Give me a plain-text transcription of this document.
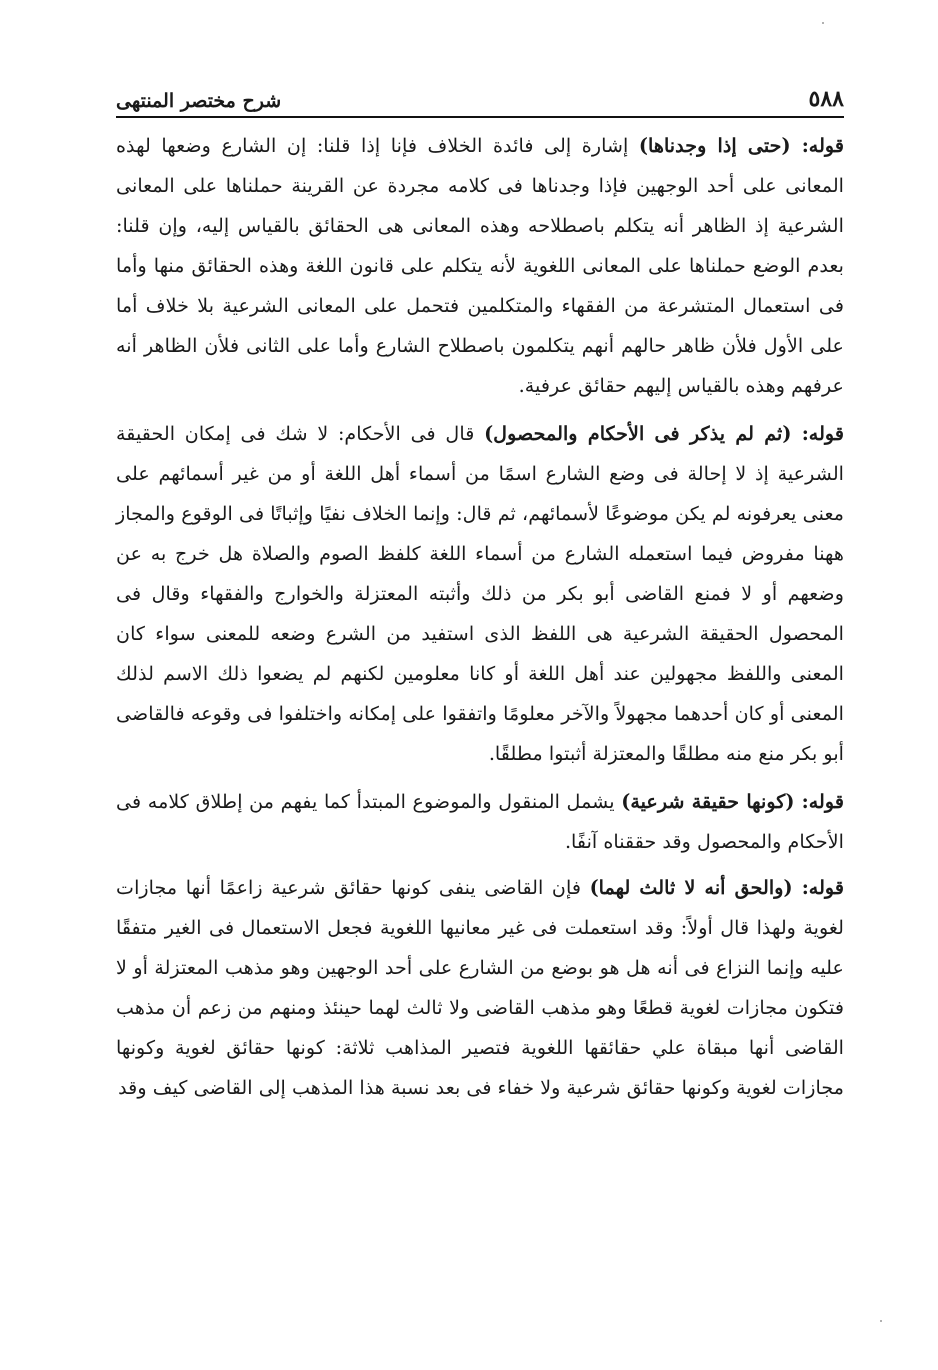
٥٨٨
شرح مختصر المنتهى

قوله: (حتى إذا وجدناها) إشارة إلى فائدة الخلاف فإنا إذا قلنا: إن الشارع وضعها لهذه المعانى على أحد الوجهين فإذا وجدناها فى كلامه مجردة عن القرينة حملناها على المعانى الشرعية إذ الظاهر أنه يتكلم باصطلاحه وهذه المعانى هى الحقائق بالقياس إليه، وإن قلنا: بعدم الوضع حملناها على المعانى اللغوية لأنه يتكلم على قانون اللغة وهذه الحقائق منها وأما فى استعمال المتشرعة من الفقهاء والمتكلمين فتحمل على المعانى الشرعية بلا خلاف أما على الأول فلأن ظاهر حالهم أنهم يتكلمون باصطلاح الشارع وأما على الثانى فلأن الظاهر أنه عرفهم وهذه بالقياس إليهم حقائق عرفية.

قوله: (ثم لم يذكر فى الأحكام والمحصول) قال فى الأحكام: لا شك فى إمكان الحقيقة الشرعية إذ لا إحالة فى وضع الشارع اسمًا من أسماء أهل اللغة أو من غير أسمائهم على معنى يعرفونه لم يكن موضوعًا لأسمائهم، ثم قال: وإنما الخلاف نفيًا وإثباتًا فى الوقوع والمجاز ههنا مفروض فيما استعمله الشارع من أسماء اللغة كلفظ الصوم والصلاة هل خرج به عن وضعهم أو لا فمنع القاضى أبو بكر من ذلك وأثبته المعتزلة والخوارج والفقهاء وقال فى المحصول الحقيقة الشرعية هى اللفظ الذى استفيد من الشرع وضعه للمعنى سواء كان المعنى واللفظ مجهولين عند أهل اللغة أو كانا معلومين لكنهم لم يضعوا ذلك الاسم لذلك المعنى أو كان أحدهما مجهولاً والآخر معلومًا واتفقوا على إمكانه واختلفوا فى وقوعه فالقاضى أبو بكر منع منه مطلقًا والمعتزلة أثبتوا مطلقًا.

قوله: (كونها حقيقة شرعية) يشمل المنقول والموضوع المبتدأ كما يفهم من إطلاق كلامه فى الأحكام والمحصول وقد حققناه آنفًا.

قوله: (والحق أنه لا ثالث لهما) فإن القاضى ينفى كونها حقائق شرعية زاعمًا أنها مجازات لغوية ولهذا قال أولاً: وقد استعملت فى غير معانيها اللغوية فجعل الاستعمال فى الغير متفقًا عليه وإنما النزاع فى أنه هل هو بوضع من الشارع على أحد الوجهين وهو مذهب المعتزلة أو لا فتكون مجازات لغوية قطعًا وهو مذهب القاضى ولا ثالث لهما حينئذ ومنهم من زعم أن مذهب القاضى أنها مبقاة علي حقائقها اللغوية فتصير المذاهب ثلاثة: كونها حقائق لغوية وكونها مجازات لغوية وكونها حقائق شرعية ولا خفاء فى بعد نسبة هذا المذهب إلى القاضى كيف وقد
